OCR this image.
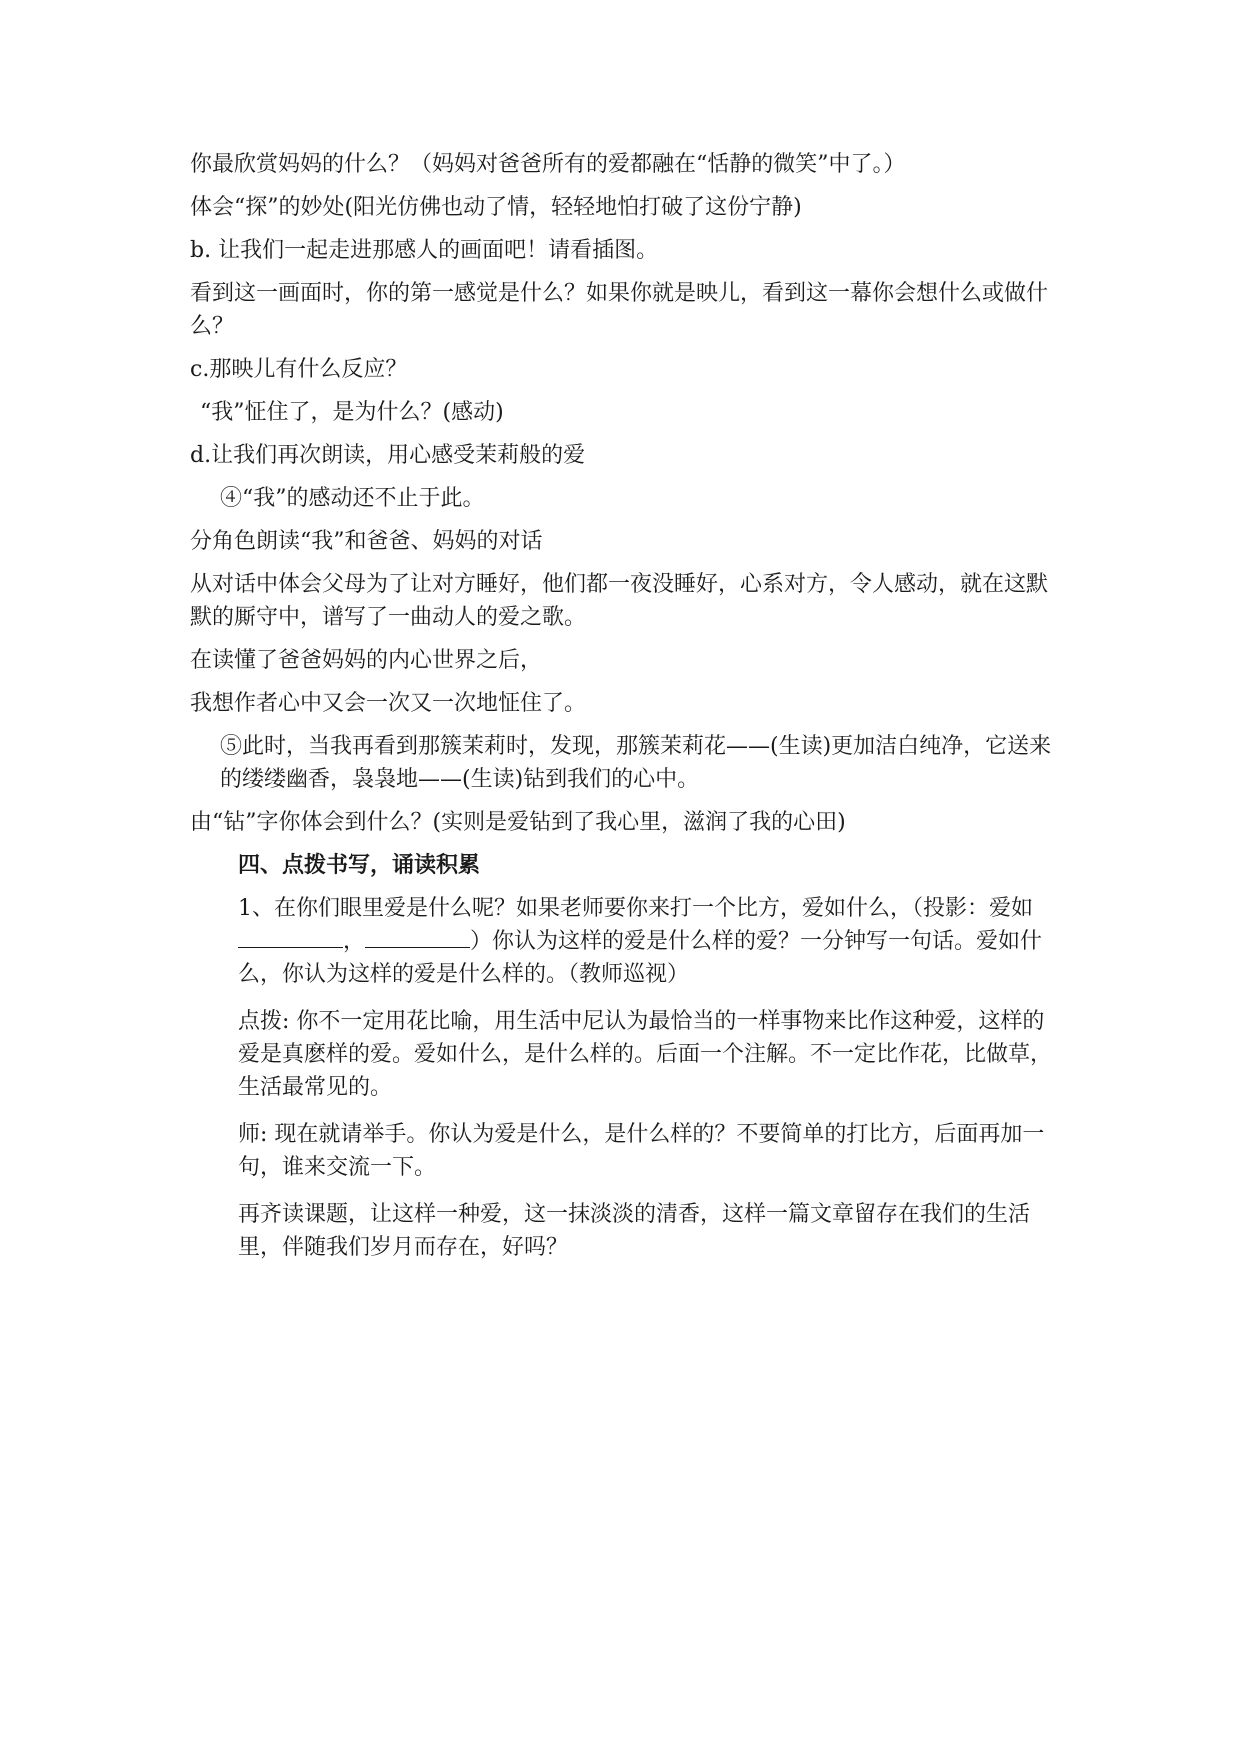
你最欣赏妈妈的什么？（妈妈对爸爸所有的爱都融在“恬静的微笑”中了。）

体会“探”的妙处(阳光仿佛也动了情，轻轻地怕打破了这份宁静)

b. 让我们一起走进那感人的画面吧！请看插图。

看到这一画面时，你的第一感觉是什么？如果你就是映儿，看到这一幕你会想什么或做什么？

c.那映儿有什么反应？

“我”怔住了，是为什么？(感动)

d.让我们再次朗读，用心感受茉莉般的爱

④“我”的感动还不止于此。

分角色朗读“我”和爸爸、妈妈的对话

从对话中体会父母为了让对方睡好，他们都一夜没睡好，心系对方，令人感动，就在这默默的厮守中，谱写了一曲动人的爱之歌。

在读懂了爸爸妈妈的内心世界之后，

我想作者心中又会一次又一次地怔住了。

⑤此时，当我再看到那簇茉莉时，发现，那簇茉莉花——(生读)更加洁白纯净，它送来的缕缕幽香，袅袅地——(生读)钻到我们的心中。

由“钻”字你体会到什么？(实则是爱钻到了我心里，滋润了我的心田)

四、点拨书写，诵读积累

1、在你们眼里爱是什么呢？如果老师要你来打一个比方，爱如什么，（投影：爱如，	）你认为这样的爱是什么样的爱？一分钟写一句话。爱如什么，你认为这样的爱是什么样的。（教师巡视）

点拨: 你不一定用花比喻，用生活中尼认为最恰当的一样事物来比作这种爱，这样的爱是真麽样的爱。爱如什么，是什么样的。后面一个注解。不一定比作花，比做草，生活最常见的。

师: 现在就请举手。你认为爱是什么，是什么样的？不要简单的打比方，后面再加一句，谁来交流一下。

再齐读课题，让这样一种爱，这一抹淡淡的清香，这样一篇文章留存在我们的生活里，伴随我们岁月而存在，好吗？
